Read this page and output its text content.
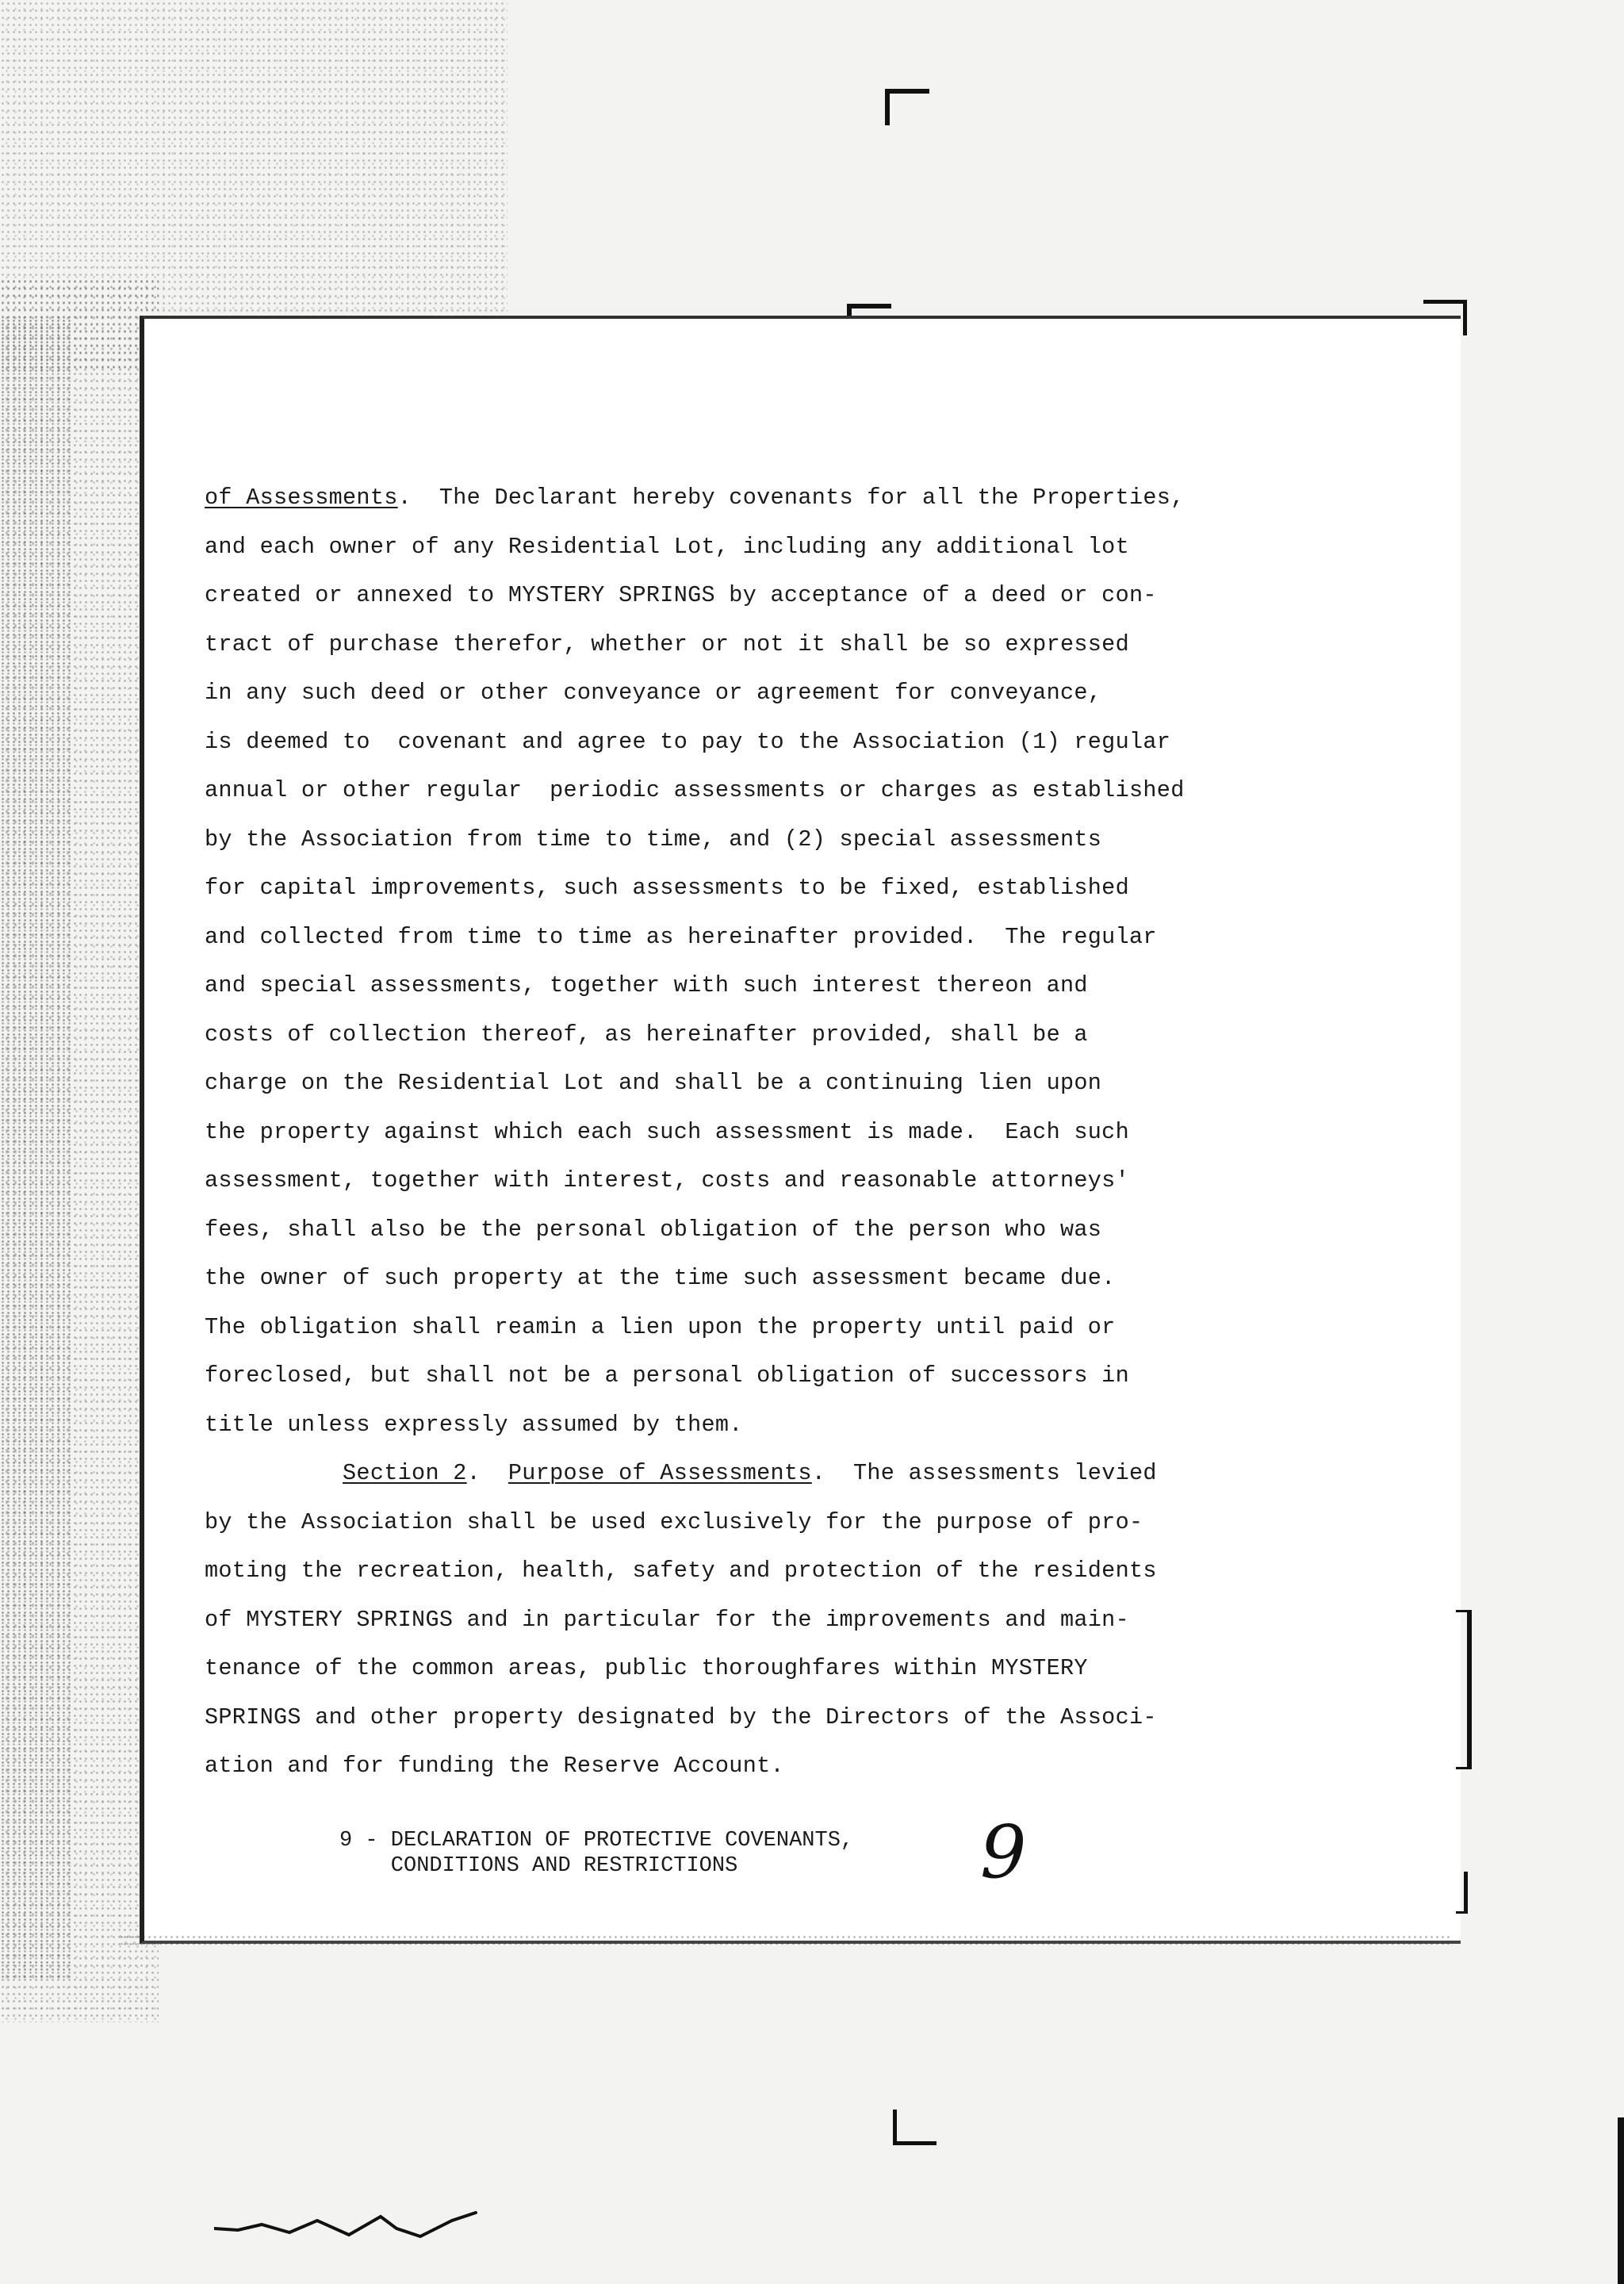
of Assessments.  The Declarant hereby covenants for all the Properties,
and each owner of any Residential Lot, including any additional lot
created or annexed to MYSTERY SPRINGS by acceptance of a deed or con-
tract of purchase therefor, whether or not it shall be so expressed
in any such deed or other conveyance or agreement for conveyance,
is deemed to  covenant and agree to pay to the Association (1) regular
annual or other regular  periodic assessments or charges as established
by the Association from time to time, and (2) special assessments
for capital improvements, such assessments to be fixed, established
and collected from time to time as hereinafter provided.  The regular
and special assessments, together with such interest thereon and
costs of collection thereof, as hereinafter provided, shall be a
charge on the Residential Lot and shall be a continuing lien upon
the property against which each such assessment is made.  Each such
assessment, together with interest, costs and reasonable attorneys'
fees, shall also be the personal obligation of the person who was
the owner of such property at the time such assessment became due.
The obligation shall reamin a lien upon the property until paid or
foreclosed, but shall not be a personal obligation of successors in
title unless expressly assumed by them.
Section 2.  Purpose of Assessments.  The assessments levied
by the Association shall be used exclusively for the purpose of pro-
moting the recreation, health, safety and protection of the residents
of MYSTERY SPRINGS and in particular for the improvements and main-
tenance of the common areas, public thoroughfares within MYSTERY
SPRINGS and other property designated by the Directors of the Associ-
ation and for funding the Reserve Account.
9 - DECLARATION OF PROTECTIVE COVENANTS,
CONDITIONS AND RESTRICTIONS	9
